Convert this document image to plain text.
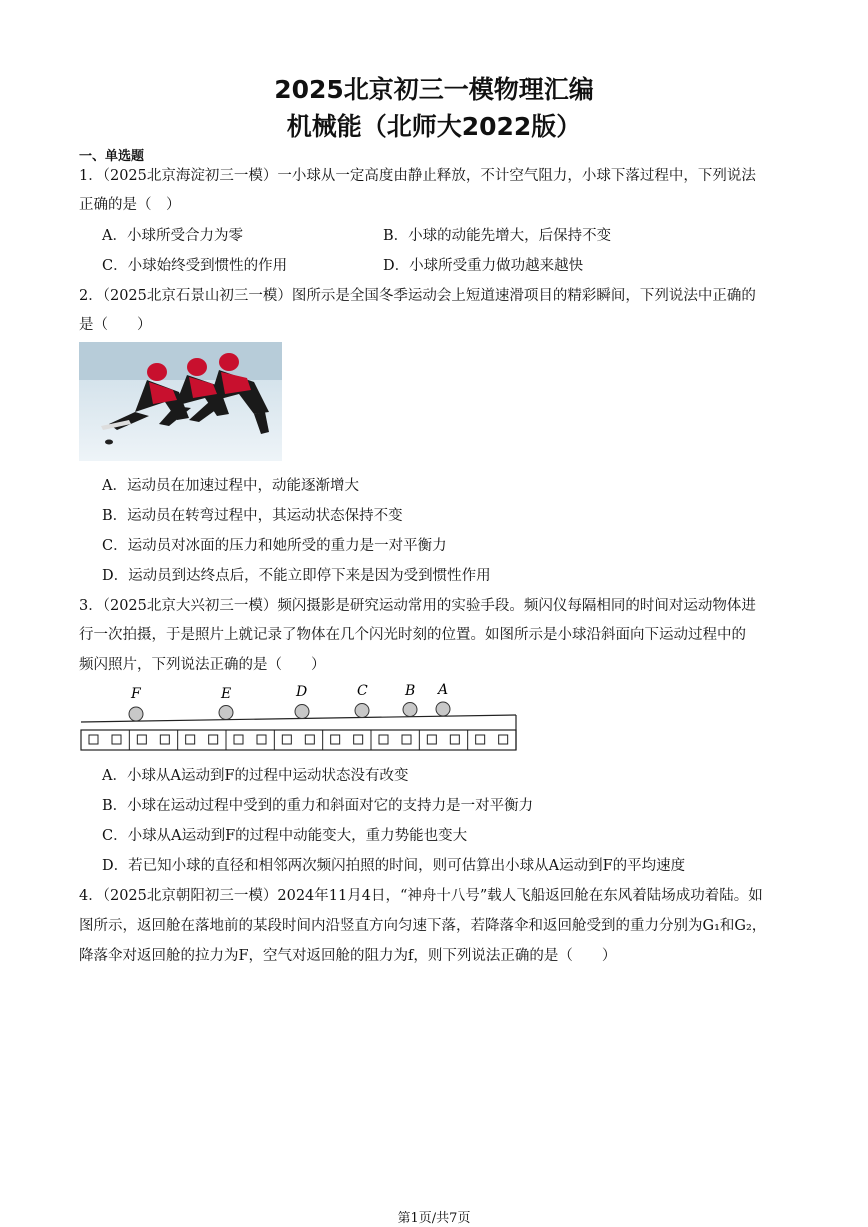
2025北京初三一模物理汇编
机械能（北师大2022版）
一、单选题
1．（2025北京海淀初三一模）一小球从一定高度由静止释放，不计空气阻力，小球下落过程中，下列说法
正确的是（　）
A．小球所受合力为零	B．小球的动能先增大，后保持不变
C．小球始终受到惯性的作用	D．小球所受重力做功越来越快
2．（2025北京石景山初三一模）图所示是全国冬季运动会上短道速滑项目的精彩瞬间，下列说法中正确的
是（　　）
A．运动员在加速过程中，动能逐渐增大
B．运动员在转弯过程中，其运动状态保持不变
C．运动员对冰面的压力和她所受的重力是一对平衡力
D．运动员到达终点后，不能立即停下来是因为受到惯性作用
3．（2025北京大兴初三一模）频闪摄影是研究运动常用的实验手段。频闪仪每隔相同的时间对运动物体进
行一次拍摄，于是照片上就记录了物体在几个闪光时刻的位置。如图所示是小球沿斜面向下运动过程中的
频闪照片，下列说法正确的是（　　）
F	E	D	C	B A
A．小球从A运动到F的过程中运动状态没有改变
B．小球在运动过程中受到的重力和斜面对它的支持力是一对平衡力
C．小球从A运动到F的过程中动能变大，重力势能也变大
D．若已知小球的直径和相邻两次频闪拍照的时间，则可估算出小球从A运动到F的平均速度
4．（2025北京朝阳初三一模）2024年11月4日，“神舟十八号”载人飞船返回舱在东风着陆场成功着陆。如
图所示，返回舱在落地前的某段时间内沿竖直方向匀速下落，若降落伞和返回舱受到的重力分别为G₁和G₂，
降落伞对返回舱的拉力为F，空气对返回舱的阻力为f，则下列说法正确的是（　　）
第1页/共7页
